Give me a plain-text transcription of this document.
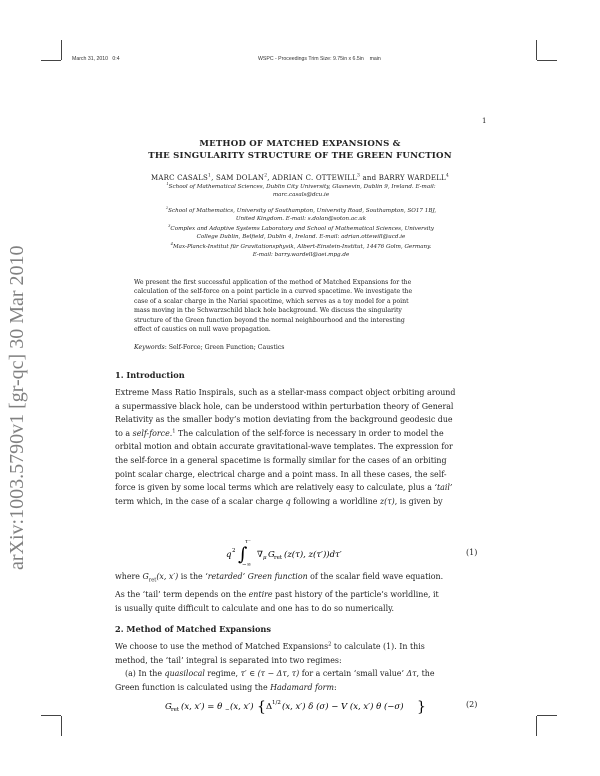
March 31, 2010 0:4	WSPC - Proceedings Trim Size: 9.75in x 6.5in main
1
arXiv:1003.5790v1 [gr-qc] 30 Mar 2010
METHOD OF MATCHED EXPANSIONS &
THE SINGULARITY STRUCTURE OF THE GREEN FUNCTION
MARC CASALS$^1$, SAM DOLAN$^2$, ADRIAN C. OTTEWILL$^3$ and BARRY WARDELL$^4$
$^1$School of Mathematical Sciences, Dublin City University, Glasnevin, Dublin 9, Ireland. E-mail:
marc.casals@dcu.ie
$^2$School of Mathematics, University of Southampton, University Road, Southampton, SO17 1BJ,
United Kingdom. E-mail: s.dolan@soton.ac.uk
$^3$Complex and Adaptive Systems Laboratory and School of Mathematical Sciences, University
College Dublin, Belfield, Dublin 4, Ireland. E-mail: adrian.ottewill@ucd.ie
$^4$Max-Planck-Institut für Gravitationsphysik, Albert-Einstein-Institut, 14476 Golm, Germany.
E-mail: barry.wardell@aei.mpg.de
We present the first successful application of the method of Matched Expansions for the
calculation of the self-force on a point particle in a curved spacetime. We investigate the
case of a scalar charge in the Nariai spacetime, which serves as a toy model for a point
mass moving in the Schwarzschild black hole background. We discuss the singularity
structure of the Green function beyond the normal neighbourhood and the interesting
effect of caustics on null wave propagation.
Keywords: Self-Force; Green Function; Caustics
1. Introduction
Extreme Mass Ratio Inspirals, such as a stellar-mass compact object orbiting around
a supermassive black hole, can be understood within perturbation theory of General
Relativity as the smaller body’s motion deviating from the background geodesic due
to a self-force.$^1$ The calculation of the self-force is necessary in order to model the
orbital motion and obtain accurate gravitational-wave templates. The expression for
the self-force in a general spacetime is formally similar for the cases of an orbiting
point scalar charge, electrical charge and a point mass. In all these cases, the self-
force is given by some local terms which are relatively easy to calculate, plus a ‘tail’
term which, in the case of a scalar charge q following a worldline z(τ), is given by
q 2 ∫
τ⁻
−∞
∇ μ G ret (z(τ), z(τ′))dτ′	(1)
where $G_{ret}(x$, x′) is the ‘retarded’ Green function of the scalar field wave equation.
As the ‘tail’ term depends on the entire past history of the particle’s worldline, it
is usually quite difficult to calculate and one has to do so numerically.
2. Method of Matched Expansions
We choose to use the method of Matched Expansions$^2$ to calculate (1). In this
method, the ‘tail’ integral is separated into two regimes:
(a) In the quasilocal regime, τ′ ∈ (τ − Δτ, τ) for a certain ‘small value’ Δτ, the
Green function is calculated using the Hadamard form:
G ret (x, x′) = θ − (x, x′) { Δ 1/2 (x, x′) δ (σ) − V (x, x′) θ (−σ) }	(2)
